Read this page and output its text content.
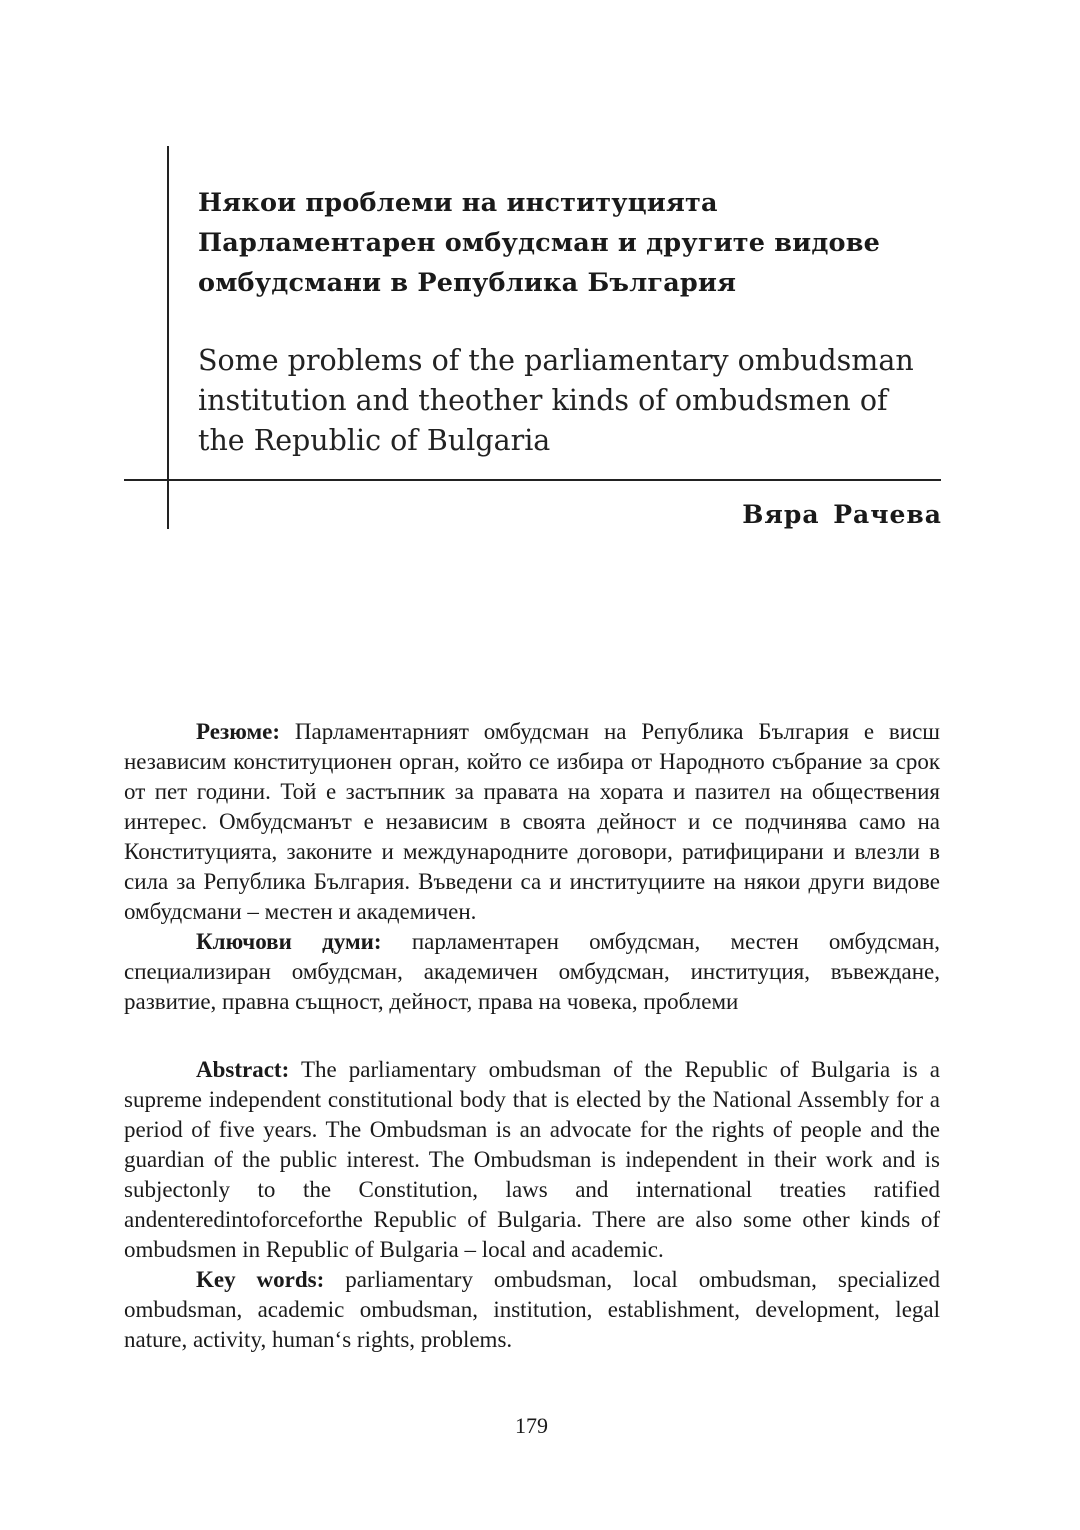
Някои проблеми на институцията Парламентарен омбудсман и другите видове омбудсмани в Република България
Some problems of the parliamentary ombudsman institution and theother kinds of ombudsmen of the Republic of Bulgaria
Вяра Рачева

Резюме: Парламентарният омбудсман на Република България е висш независим конституционен орган, който се избира от Народното събрание за срок от пет години. Той е застъпник за правата на хората и пазител на обществения интерес. Омбудсманът е независим в своята дейност и се подчинява само на Конституцията, законите и международните договори, ратифицирани и влезли в сила за Република България. Въведени са и институциите на някои други видове омбудсмани – местен и академичен.

Ключови думи: парламентарен омбудсман, местен омбудсман, специализиран омбудсман, академичен омбудсман, институция, въвеждане, развитие, правна същност, дейност, права на човека, проблеми

Abstract: The parliamentary ombudsman of the Republic of Bulgaria is a supreme independent constitutional body that is elected by the National Assembly for a period of five years. The Ombudsman is an advocate for the rights of people and the guardian of the public interest. The Ombudsman is independent in their work and is subjectonly to the Constitution, laws and international treaties ratified andenteredintoforceforthe Republic of Bulgaria. There are also some other kinds of ombudsmen in Republic of Bulgaria – local and academic.

Key words: parliamentary ombudsman, local ombudsman, specialized ombudsman, academic ombudsman, institution, establishment, development, legal nature, activity, human‘s rights, problems.

179
